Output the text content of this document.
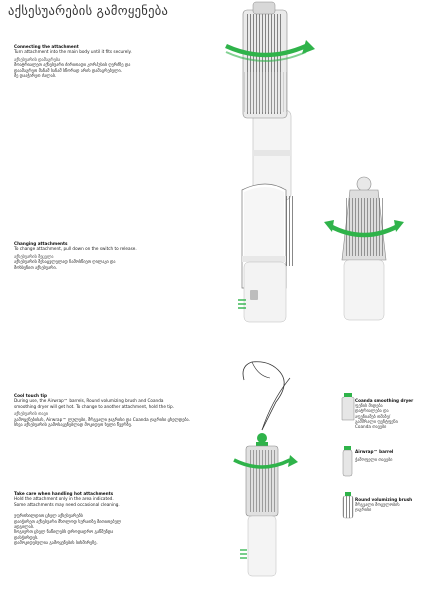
აქსესუარების გამოყენება
Connecting the attachment
Turn attachment into the main body until it fits securely.
აქსესუარის დამაგრება
მოატრიალეთ აქსესუარი ძირითადი კორპუსის ღერძზე და
დაამაგრეთ მანამ სანამ სწორად არის დამაგრებული.
მე დააჭირეთ ძალას.
Changing attachments
To change attachment, pull down on the switch to release.
აქსესუარის შეცვლა
აქსესუარის შესაცვლელად ჩამოსწიეთ ღილაკი და
მოხსენით აქსესუარი.
Cool touch tip
During use, the Airwrap™ barrels, Round volumizing brush and Coanda
smoothing dryer will get hot. To change to another attachment, hold the tip.
აქსესუარის თავი
გამოყენებისას, Airwrap™ ლულები, მრგვალი ჯაგრისი და Coanda ჯაგრისი ცხელდება.
სხვა აქსესუარის გამოსაყენებლად მოკიდეთ ხელი წვერზე.
Take care when handling hot attachments
Hold the attachment only in the area indicated.
Some attachments may need occasional cleaning.
უფრთხილდით ცხელ აქსესუარებს
დაიჭირეთ აქსესუარი მხოლოდ სურათზე მითითებულ
ადგილას.
ზოგიერთ ცხელ ნაწილებს დროდადრო გაწმენდა
დასჭირდეს.
დამოკიდებულია გამოყენების სიხშირეზე.
Coanda smoothing dryer
ფენის მიდება
დატრიალება და
აფენიამებ თმაზე/
გამშრალი ფენტფენი
Coanda თავები
Airwrap™ barrel
ჭამოფელი თავები
Round volumizing brush
მრგვალი მოცულობის
ჯაგრისი
